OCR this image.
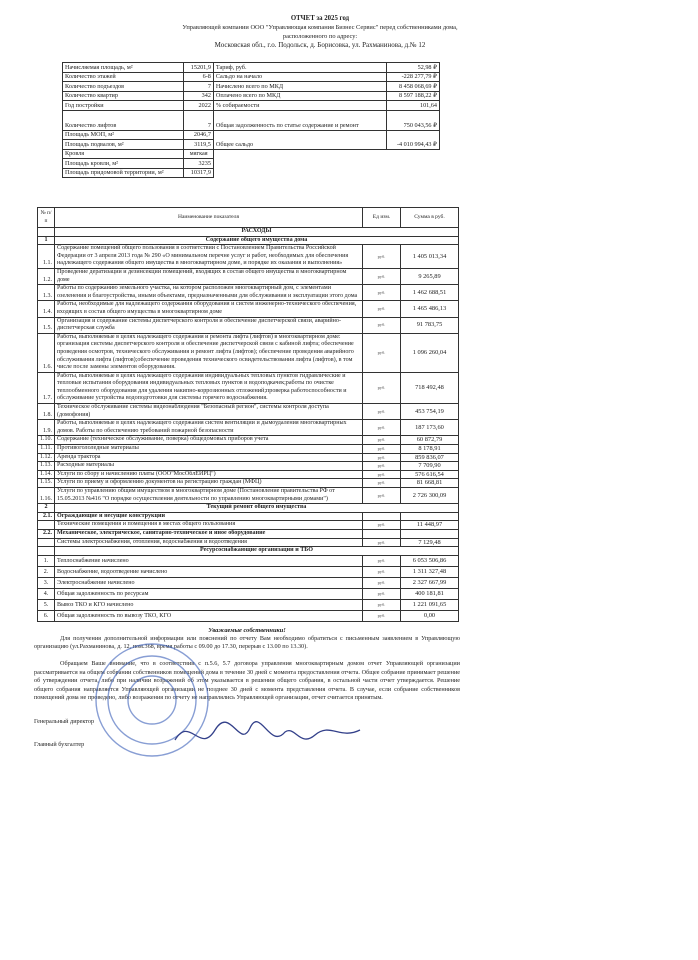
ОТЧЕТ за 2025 год
Управляющей компании ООО "Управляющая компания Бизнес Сервис" перед собственниками дома,
расположенного по адресу:
Московская обл., г.о. Подольск, д. Борисовка, ул. Рахманинова, д.№ 12
Начисляемая площадь, м²	15201,9	Тариф, руб.	52,98 ₽
Количество этажей	6-8	Сальдо на начало	-228 277,79 ₽
Количество подъездов	7	Начислено всего по МКД	8 458 068,69 ₽
Количество квартир	342	Оплачено всего по МКД	8 597 188,22 ₽
Год постройки	2022	% собираемости	101,64
Количество лифтов	7	Общая задолженность по статье содержание и ремонт	750 043,56 ₽
Площадь МОП, м²	2046,7	Общее сальдо	-4 010 994,43 ₽
Площадь подвалов, м²	3119,5		
Кровля	мягкая		
Площадь кровли, м²	3235		
Площадь придомовой территории, м²	10317,9		
№ п/п	Наименование показателя	Ед изм.	Сумма в руб.
	РАСХОДЫ		
1	Содержание общего имущества дома		
1.1.	Содержание помещений общего пользования в соответствии с Постановлением Правительства Российской Федерации от 3 апреля 2013 года № 290 «О минимальном перечне услуг и работ, необходимых для обеспечения надлежащего содержания общего имущества в многоквартирном доме, и порядке их оказания и выполнения»	руб.	1 405 013,34
1.2.	Проведение дератизации и дезинсекции помещений, входящих в состав общего имущества в многоквартирном доме	руб.	9 265,89
1.3.	Работы по содержанию земельного участка, на котором расположен многоквартирный дом, с элементами озеленения и благоустройства, иными объектами, предназначенными для обслуживания и эксплуатации этого дома	руб.	1 462 688,51
1.4.	Работы, необходимые для надлежащего содержания оборудования и систем инженерно-технического обеспечения, входящих в состав общего имущества в многоквартирном доме	руб.	1 465 486,13
1.5.	Организация и содержание системы диспетчерского контроля и обеспечение диспетчерской связи, аварийно-диспетчерская служба	руб.	91 783,75
1.6.	Работы, выполняемые в целях надлежащего содержания и ремонта лифта (лифтов) в многоквартирном доме: организация системы диспетчерского контроля и обеспечение диспетчерской связи с кабиной лифта; обеспечение проведения осмотров, технического обслуживания и ремонт лифта (лифтов); обеспечение проведения аварийного обслуживания лифта (лифтов);обеспечение проведения технического освидетельствования лифта (лифтов), в том числе после замены элементов оборудования.	руб.	1 096 260,04
1.7.	Работы, выполняемые в целях надлежащего содержания индивидуальных тепловых пунктов гидравлические и тепловые испытания оборудования индивидуальных тепловых пунктов и водоподкачек;работы по очистке теплообменного оборудования для удаления накипно-коррозионных отложений;проверка работоспособности и обслуживание устройства водоподготовки для системы горячего водоснабжения.	руб.	718 492,48
1.8.	Техническое обслуживание системы видеонаблюдения "Безопасный регион", системы контроля доступа (домофония)	руб.	453 754,19
1.9.	Работы, выполняемые в целях надлежащего содержания систем вентиляции и дымоудаления многоквартирных домов. Работы по обеспечению требований пожарной безопасности	руб.	187 173,60
1.10.	Содержание (техническое обслуживание, поверка) общедомовых приборов учета	руб.	60 872,79
1.11.	Противогололедные материалы	руб.	8 178,91
1.12.	Аренда трактора	руб.	859 836,07
1.13.	Расходные материалы	руб.	7 709,90
1.14.	Услуги по сбору и начислению платы (ООО"МосОблЕИРЦ")	руб.	576 616,54
1.15.	Услуги по приему и оформлению документов на регистрацию граждан (МФЦ)	руб.	81 668,81
1.16.	Услуги по управлению общим имуществом в многоквартирном доме (Постановление правительства РФ от 15.05.2013 №416 "О порядке осуществления деятельности по управлению многоквартирными домами")	руб.	2 726 300,09
2	Текущий ремонт общего имущества		
2.1.	Ограждающие и несущие конструкции		
	Технические помещения и помещения в местах общего пользования	руб.	11 448,97
2.2.	Механическое, электрическое, санитарно-техническое и иное оборудование		
	Системы электроснабжения, отопления, водоснабжения и водоотведения	руб.	7 129,48
	Ресурсоснабжающие организации и ТБО		
1.	Теплоснабжение начислено	руб.	6 053 506,86
2.	Водоснабжение, водоотведение начислено	руб.	1 311 327,48
3.	Электроснабжение начислено	руб.	2 327 667,99
4.	Общая задолженность по ресурсам	руб.	400 181,81
5.	Вывоз ТКО и КГО начислено	руб.	1 221 091,65
6.	Общая задолженность по вывозу ТКО, КГО	руб.	0,00
Уважаемые собственники!

Для получения дополнительной информации или пояснений по отчету Вам необходимо обратиться с письменным заявлением в Управляющую организацию (ул.Рахманинова, д. 12, пом.368, время работы с 09.00 до 17.30, перерыв с 13.00 по 13.30).

Обращаем Ваше внимание, что в соответствии с п.5.6, 5.7 договора управления многоквартирным домом отчет Управляющей организации рассматривается на общем собрании собственников помещений дома в течение 30 дней с момента предоставления отчета. Общее собрание принимает решение об утверждении отчета, либо при наличии возражений об этом указывается в решении общего собрания, в остальной части отчет утверждается. Решение общего собрания направляется Управляющей организации не позднее 30 дней с момента представления отчета. В случае, если собрание собственников помещений дома не проведено, либо возражения по отчету не направлялись Управляющей организации, отчет считается принятым.

Генеральный директор
Главный бухгалтер
